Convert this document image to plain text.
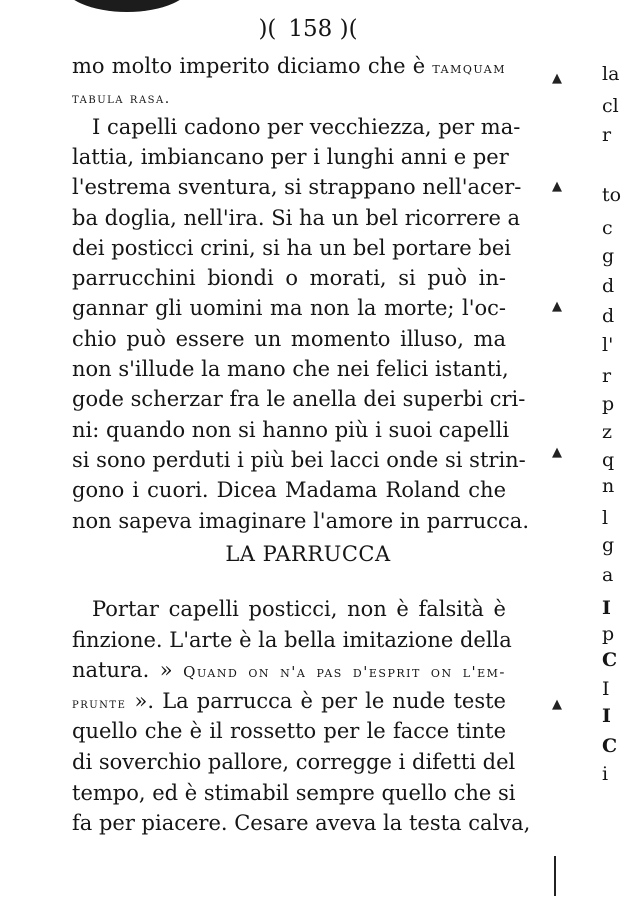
)( 158 )(
mo molto imperito diciamo che è tamquam
tabula rasa.
I capelli cadono per vecchiezza, per ma-
lattia, imbiancano per i lunghi anni e per
l'estrema sventura, si strappano nell'acer-
ba doglia, nell'ira. Si ha un bel ricorrere a
dei posticci crini, si ha un bel portare bei
parrucchini biondi o morati, si può in-
gannar gli uomini ma non la morte; l'oc-
chio può essere un momento illuso, ma
non s'illude la mano che nei felici istanti,
gode scherzar fra le anella dei superbi cri-
ni: quando non si hanno più i suoi capelli
si sono perduti i più bei lacci onde si strin-
gono i cuori. Dicea Madama Roland che
non sapeva imaginare l'amore in parrucca.
LA PARRUCCA
Portar capelli posticci, non è falsità è
finzione. L'arte è la bella imitazione della
natura. » Quand on n'a pas d'esprit on l'em-
prunte ». La parrucca è per le nude teste
quello che è il rossetto per le facce tinte
di soverchio pallore, corregge i difetti del
tempo, ed è stimabil sempre quello che si
fa per piacere. Cesare aveva la testa calva,
▲
▲
▲
▲
▲
la
cl
r
to
c
g
d
d
l'
r
p
z
q
n
l
g
a
I
p
C
I
I
C
i
